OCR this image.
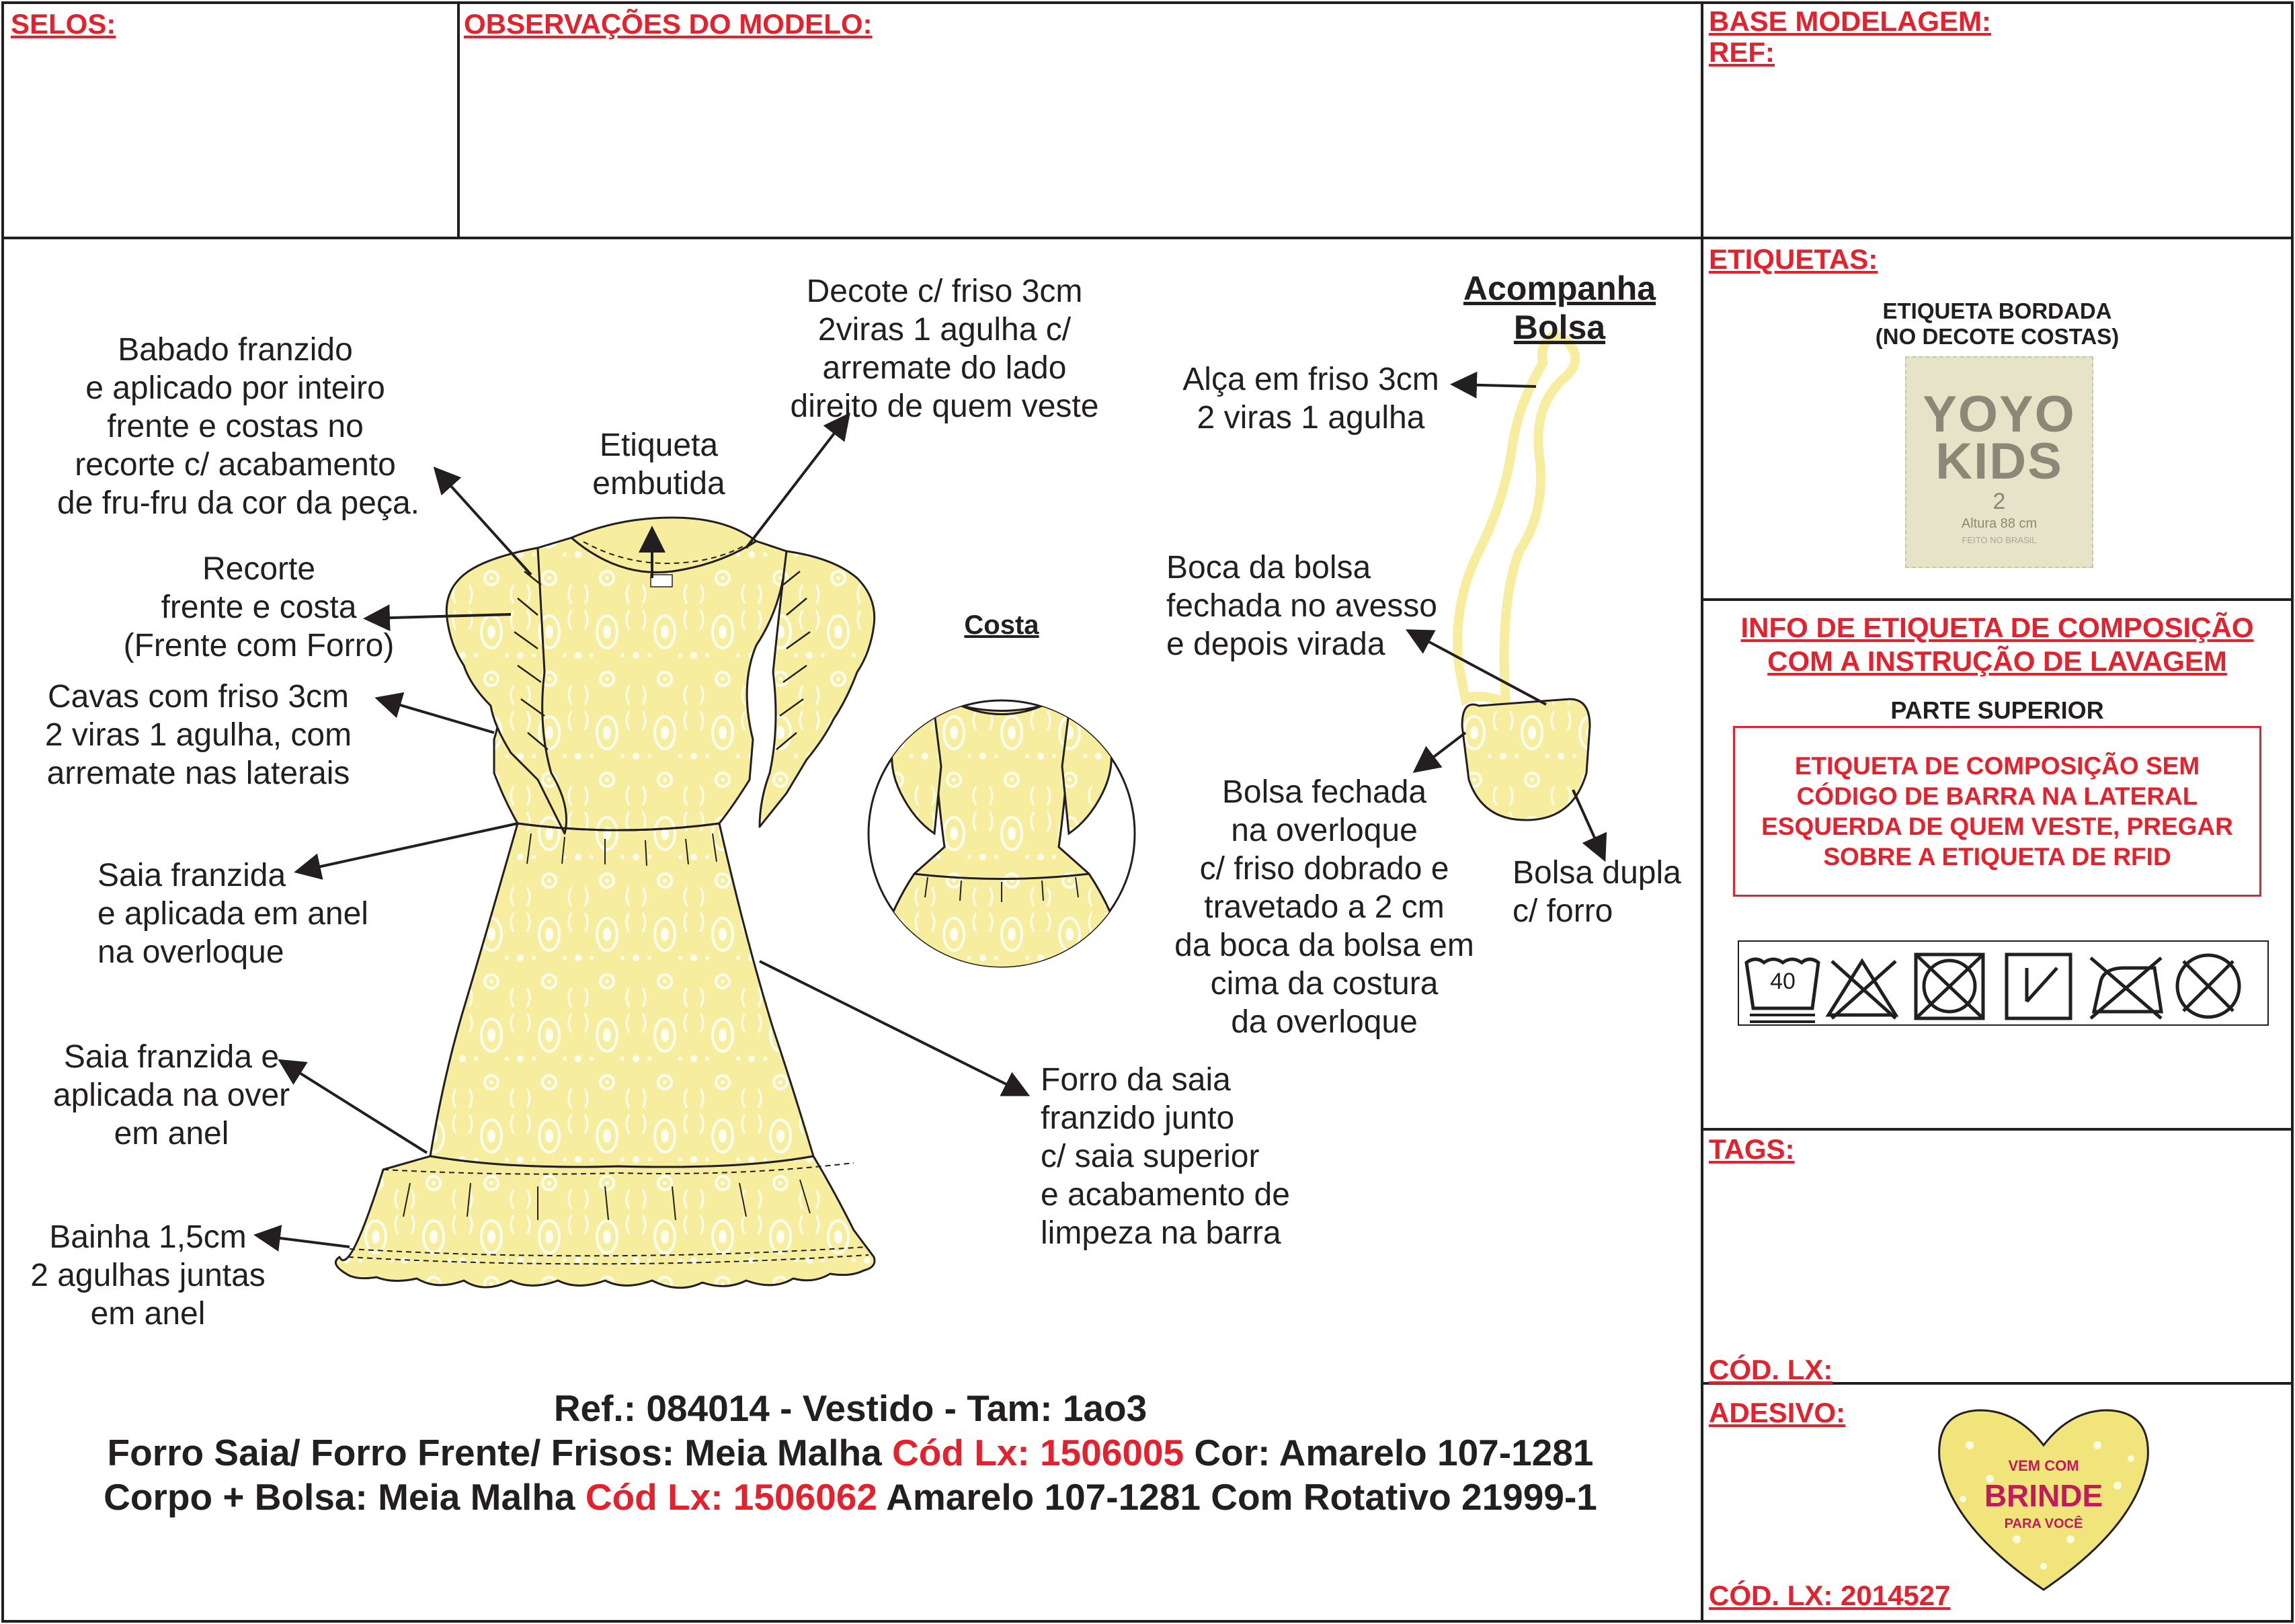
SELOS:	OBSERVAÇÕES DO MODELO:	BASE MODELAGEM:
REF:
ETIQUETAS:
INFO DE ETIQUETA DE COMPOSIÇÃO
COM A INSTRUÇÃO DE LAVAGEM
TAGS:
CÓD. LX:
ADESIVO:
CÓD. LX: 2014527
ETIQUETA BORDADA
(NO DECOTE COSTAS)
YOYO
KIDS
2
Altura 88 cm
FEITO NO BRASIL
PARTE SUPERIOR
ETIQUETA DE COMPOSIÇÃO SEM
CÓDIGO DE BARRA NA LATERAL
ESQUERDA DE QUEM VESTE, PREGAR
SOBRE A ETIQUETA DE RFID
40
VEM COM
BRINDE
PARA VOCÊ
Babado franzido
e aplicado por inteiro
frente e costas no
recorte c/ acabamento
de fru-fru da cor da peça.
Etiqueta
embutida
Decote c/ friso 3cm
2viras 1 agulha c/
arremate do lado
direito de quem veste
Recorte
frente e costa
(Frente com Forro)
Cavas com friso 3cm
2 viras 1 agulha, com
arremate nas laterais
Saia franzida
e aplicada em anel
na overloque
Saia franzida e
aplicada na over
em anel
Bainha 1,5cm
2 agulhas juntas
em anel
Forro da saia
franzido junto
c/ saia superior
e acabamento de
limpeza na barra
Costa
Acompanha
Bolsa
Alça em friso 3cm
2 viras 1 agulha
Boca da bolsa
fechada no avesso
e depois virada
Bolsa fechada
na overloque
c/ friso dobrado e
travetado a 2 cm
da boca da bolsa em
cima da costura
da overloque
Bolsa dupla
c/ forro
Ref.: 084014 - Vestido - Tam: 1ao3
Forro Saia/ Forro Frente/ Frisos: Meia Malha Cód Lx: 1506005 Cor: Amarelo 107-1281
Corpo + Bolsa: Meia Malha Cód Lx: 1506062 Amarelo 107-1281 Com Rotativo 21999-1
